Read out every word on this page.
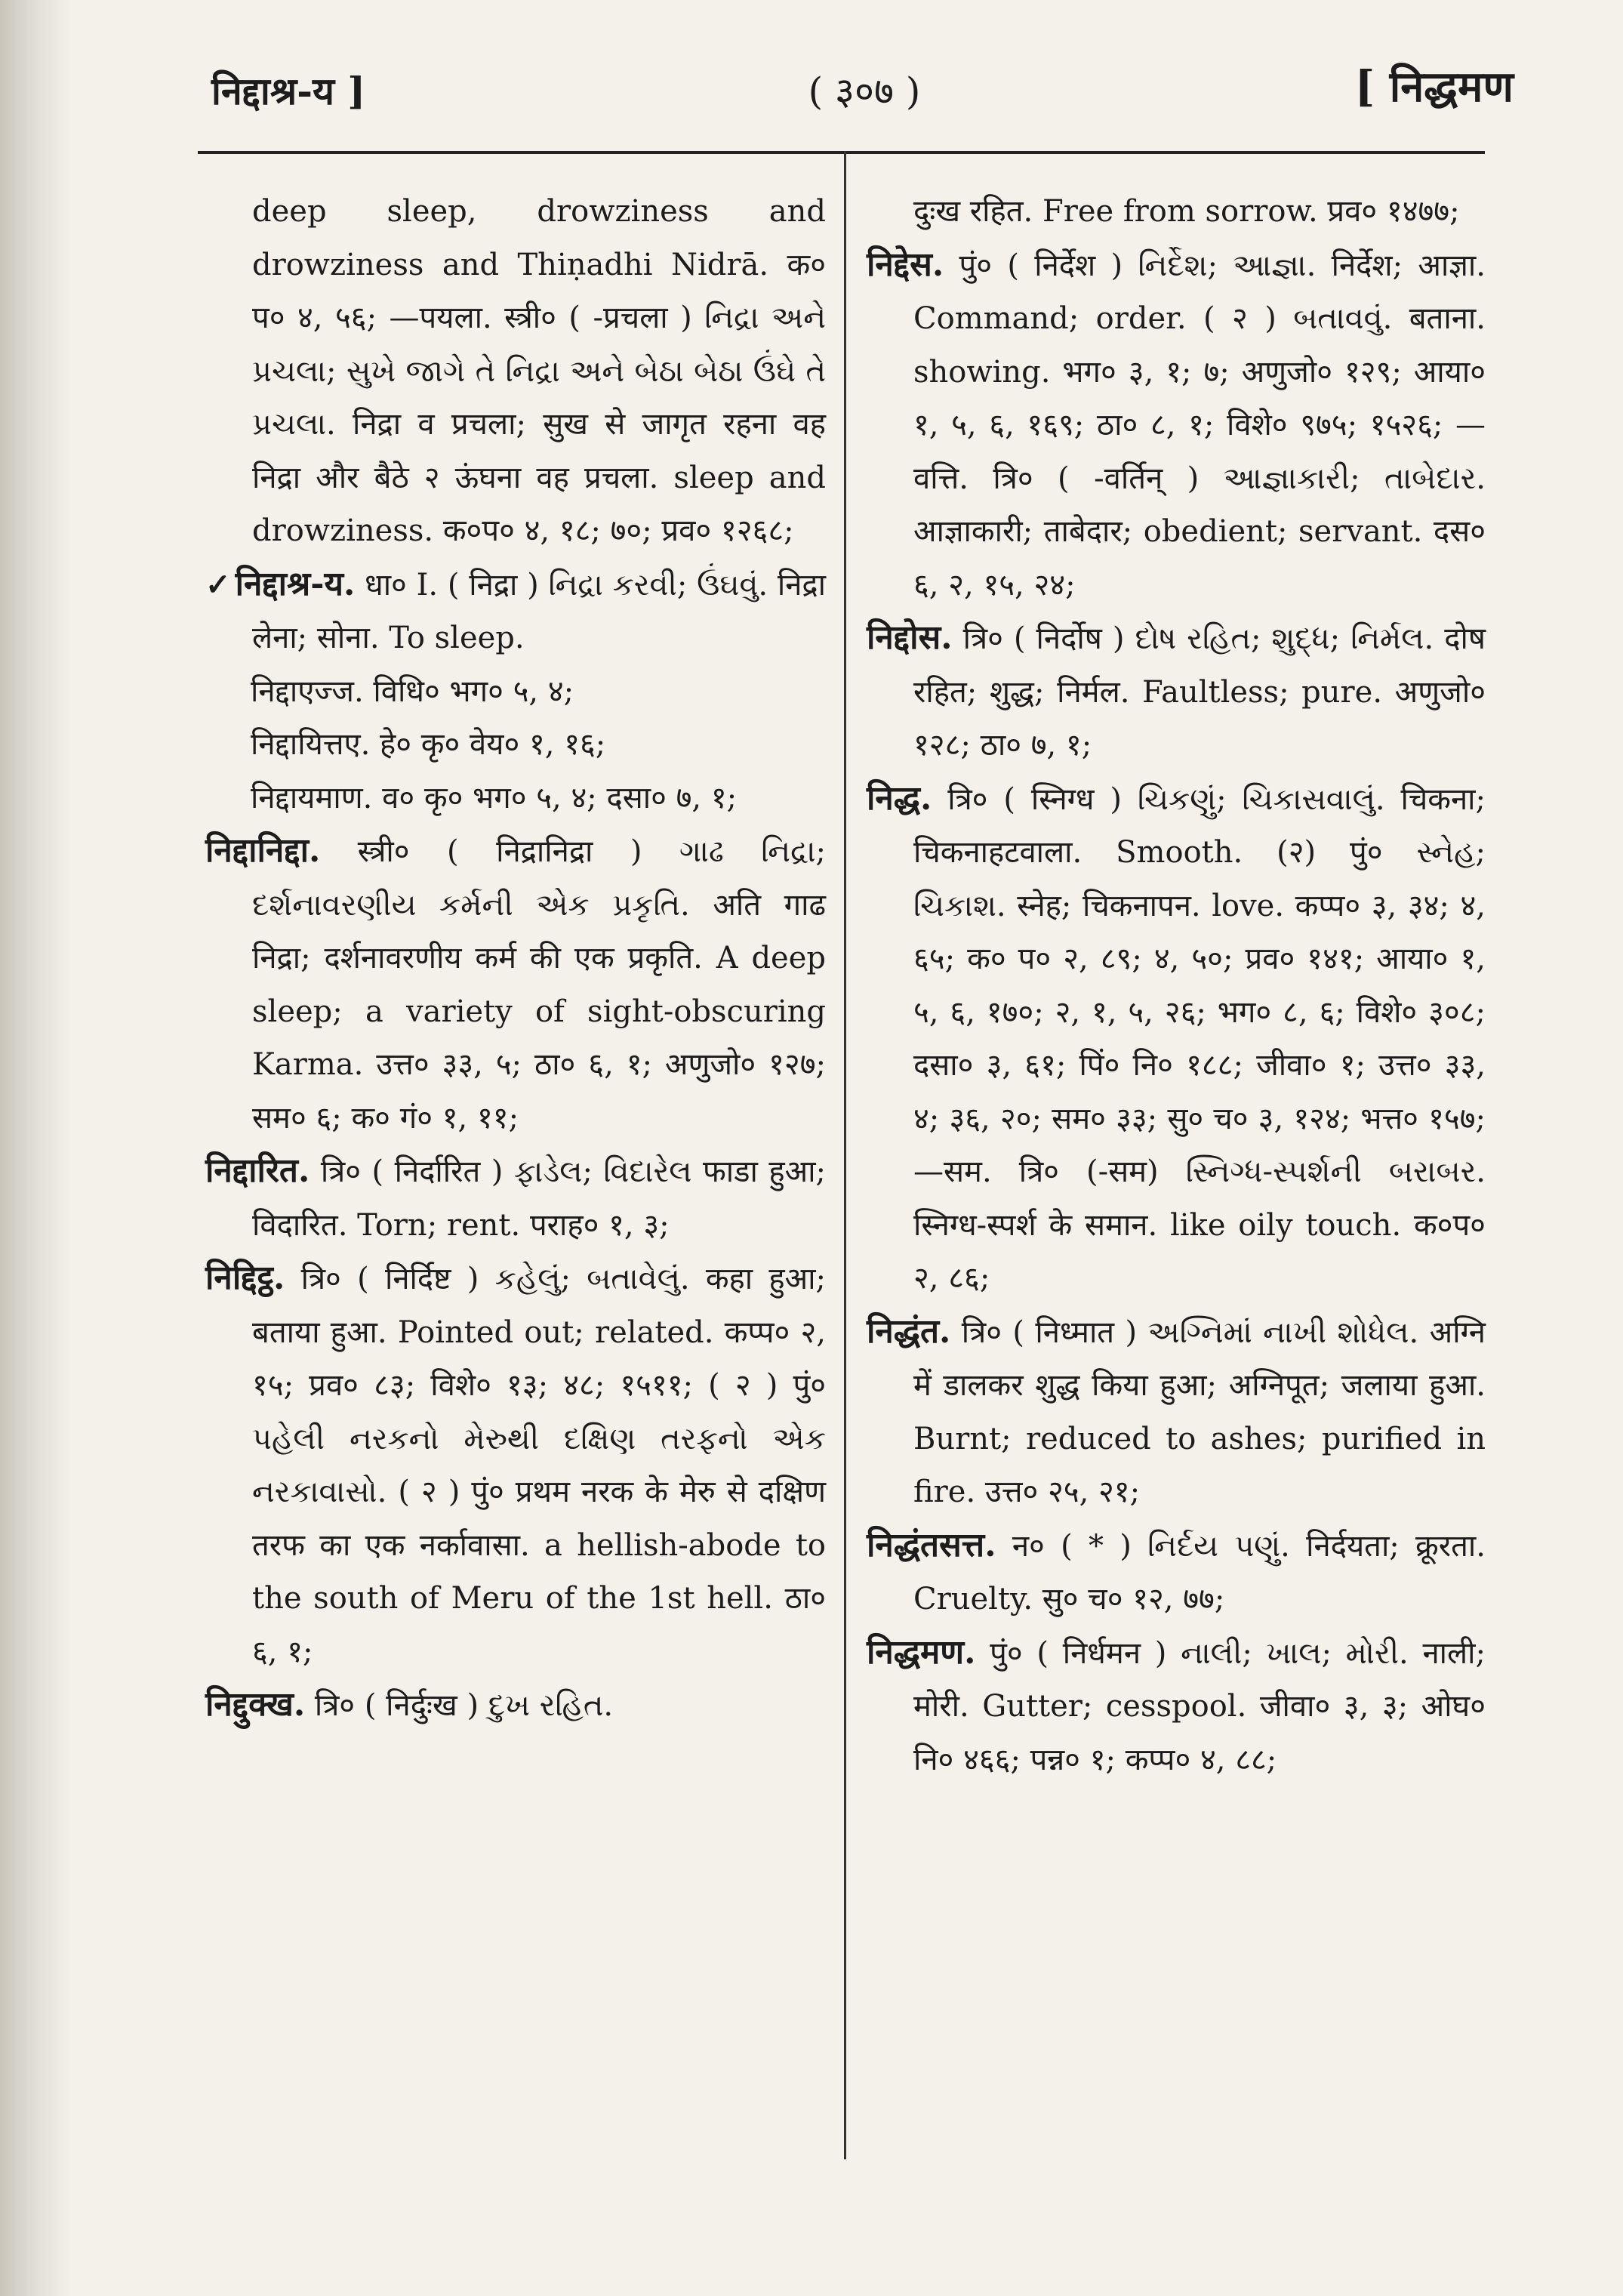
निद्दाश्र-य ]	( ३०७ )	[ निद्धमण

deep sleep, drowziness and drowziness and Thiṇadhi Nidrā. क० प० ४, ५६; —पयला. स्त्री० ( -प्रचला ) નિદ્રા અને પ્રચલા; સુખે જાગે તે નિદ્રા અને બેઠા બેઠા ઉંઘે તે પ્રચલા. निद्रा व प्रचला; सुख से जागृत रहना वह निद्रा और बैठे २ ऊंघना वह प्रचला. sleep and drowziness. क०प० ४, १८; ७०; प्रव० १२६८;

✓ निद्दाश्र-य. धा० I. ( निद्रा ) નિદ્રા કરવી; ઉંઘવું. निद्रा लेना; सोना. To sleep.

निद्दाएज्ज. विधि० भग० ५, ४;

निद्दायित्तए. हे० कृ० वेय० १, १६;

निद्दायमाण. व० कृ० भग० ५, ४; दसा० ७, १;

निद्दानिद्दा. स्त्री० ( निद्रानिद्रा ) ગાઢ નિદ્રા; દર્શનાવરણીય કર્મની એક પ્રકૃતિ. अति गाढ निद्रा; दर्शनावरणीय कर्म की एक प्रकृति. A deep sleep; a variety of sight-obscuring Karma. उत्त० ३३, ५; ठा० ६, १; अणुजो० १२७; सम० ६; क० गं० १, ११;

निद्दारित. त्रि० ( निर्दारित ) ફાડેલ; વિદારેલ फाडा हुआ; विदारित. Torn; rent. पराह० १, ३;

निद्दिट्ठ. त्रि० ( निर्दिष्ट ) કહેલું; બતાવેલું. कहा हुआ; बताया हुआ. Pointed out; related. कप्प० २, १५; प्रव० ८३; विशे० १३; ४८; १५११; ( २ ) पुं० પહેલી નરકનો મેરુથી દક્ષિણ તરફનો એક નરકાવાસો. ( २ ) पुं० प्रथम नरक के मेरु से दक्षिण तरफ का एक नर्कावासा. a hellish-abode to the south of Meru of the 1st hell. ठा० ६, १;

निद्दुक्ख. त्रि० ( निर्दुःख ) દુખ રહિત.

दुःख रहित. Free from sorrow. प्रव० १४७७;

निद्देस. पुं० ( निर्देश ) નિર્દેશ; આજ્ઞા. निर्देश; आज्ञा. Command; order. ( २ ) બતાવવું. बताना. showing. भग० ३, १; ७; अणुजो० १२९; आया० १, ५, ६, १६९; ठा० ८, १; विशे० ९७५; १५२६; —वत्ति. त्रि० ( -वर्तिन् ) આજ્ઞાકારી; તાબેદાર. आज्ञाकारी; ताबेदार; obedient; servant. दस० ६, २, १५, २४;

निद्दोस. त्रि० ( निर्दोष ) દોષ રહિત; શુદ્ધ; નિર્મલ. दोष रहित; शुद्ध; निर्मल. Faultless; pure. अणुजो० १२८; ठा० ७, १;

निद्ध. त्रि० ( स्निग्ध ) ચિકણું; ચિકાસવાલું. चिकना; चिकनाहटवाला. Smooth. (२) पुं० સ્નેહ; ચિકાશ. स्नेह; चिकनापन. love. कप्प० ३, ३४; ४, ६५; क० प० २, ८९; ४, ५०; प्रव० १४१; आया० १, ५, ६, १७०; २, १, ५, २६; भग० ८, ६; विशे० ३०८; दसा० ३, ६१; पिं० नि० १८८; जीवा० १; उत्त० ३३, ४; ३६, २०; सम० ३३; सु० च० ३, १२४; भत्त० १५७; —सम. त्रि० (-सम) સ્નિગ્ધ-સ્પર્શની બરાબર. स्निग्ध-स्पर्श के समान. like oily touch. क०प० २, ८६;

निद्धंत. त्रि० ( निध्मात ) અગ્નિમાં નાખી શોધેલ. अग्नि में डालकर शुद्ध किया हुआ; अग्निपूत; जलाया हुआ. Burnt; reduced to ashes; purified in fire. उत्त० २५, २१;

निद्धंतसत्त. न० ( * ) નિર્દય પણું. निर्दयता; क्रूरता. Cruelty. सु० च० १२, ७७;

निद्धमण. पुं० ( निर्धमन ) નાલી; ખાલ; મોરી. नाली; मोरी. Gutter; cesspool. जीवा० ३, ३; ओघ० नि० ४६६; पन्न० १; कप्प० ४, ८८;
